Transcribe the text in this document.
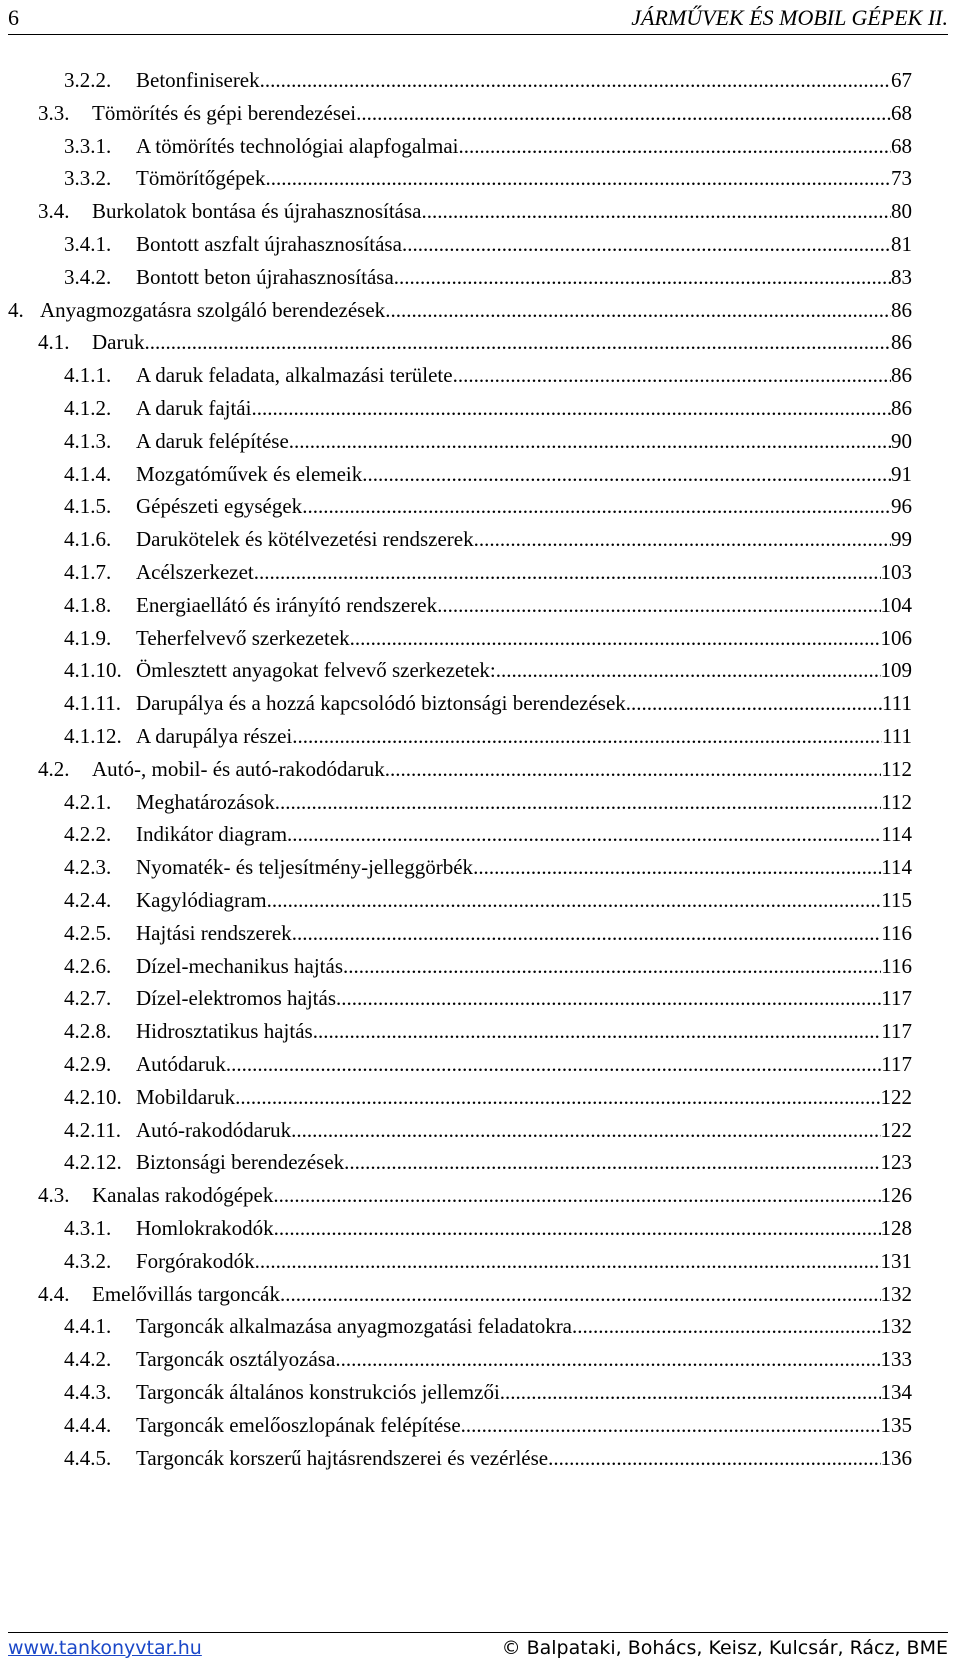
6	JÁRMŰVEK ÉS MOBIL GÉPEK II.
3.2.2.	Betonfiniserek .....	67
3.3.	Tömörítés és gépi berendezései .....	68
3.3.1.	A tömörítés technológiai alapfogalmai .....	68
3.3.2.	Tömörítőgépek .....	73
3.4.	Burkolatok bontása és újrahasznosítása .....	80
3.4.1.	Bontott aszfalt újrahasznosítása .....	81
3.4.2.	Bontott beton újrahasznosítása .....	83
4. Anyagmozgatásra szolgáló berendezések .....	86
4.1.	Daruk .....	86
4.1.1.	A daruk feladata, alkalmazási területe .....	86
4.1.2.	A daruk fajtái .....	86
4.1.3.	A daruk felépítése .....	90
4.1.4.	Mozgatóművek és elemeik .....	91
4.1.5.	Gépészeti egységek .....	96
4.1.6.	Darukötelek és kötélvezetési rendszerek .....	99
4.1.7.	Acélszerkezet .....	103
4.1.8.	Energiaellátó és irányító rendszerek .....	104
4.1.9.	Teherfelvevő szerkezetek .....	106
4.1.10. Ömlesztett anyagokat felvevő szerkezetek: .....	109
4.1.11. Darupálya és a hozzá kapcsolódó biztonsági berendezések .....	111
4.1.12. A darupálya részei .....	111
4.2.	Autó-, mobil- és autó-rakodódaruk .....	112
4.2.1.	Meghatározások .....	112
4.2.2.	Indikátor diagram .....	114
4.2.3.	Nyomaték- és teljesítmény-jelleggörbék .....	114
4.2.4.	Kagylódiagram .....	115
4.2.5.	Hajtási rendszerek .....	116
4.2.6.	Dízel-mechanikus hajtás .....	116
4.2.7.	Dízel-elektromos hajtás .....	117
4.2.8.	Hidrosztatikus hajtás .....	117
4.2.9.	Autódaruk .....	117
4.2.10. Mobildaruk .....	122
4.2.11. Autó-rakodódaruk .....	122
4.2.12. Biztonsági berendezések .....	123
4.3.	Kanalas rakodógépek .....	126
4.3.1.	Homlokrakodók .....	128
4.3.2.	Forgórakodók .....	131
4.4.	Emelővillás targoncák .....	132
4.4.1.	Targoncák alkalmazása anyagmozgatási feladatokra .....	132
4.4.2.	Targoncák osztályozása .....	133
4.4.3.	Targoncák általános konstrukciós jellemzői .....	134
4.4.4.	Targoncák emelőoszlopának felépítése .....	135
4.4.5.	Targoncák korszerű hajtásrendszerei és vezérlése .....	136
www.tankonyvtar.hu	© Balpataki, Bohács, Keisz, Kulcsár, Rácz, BME
